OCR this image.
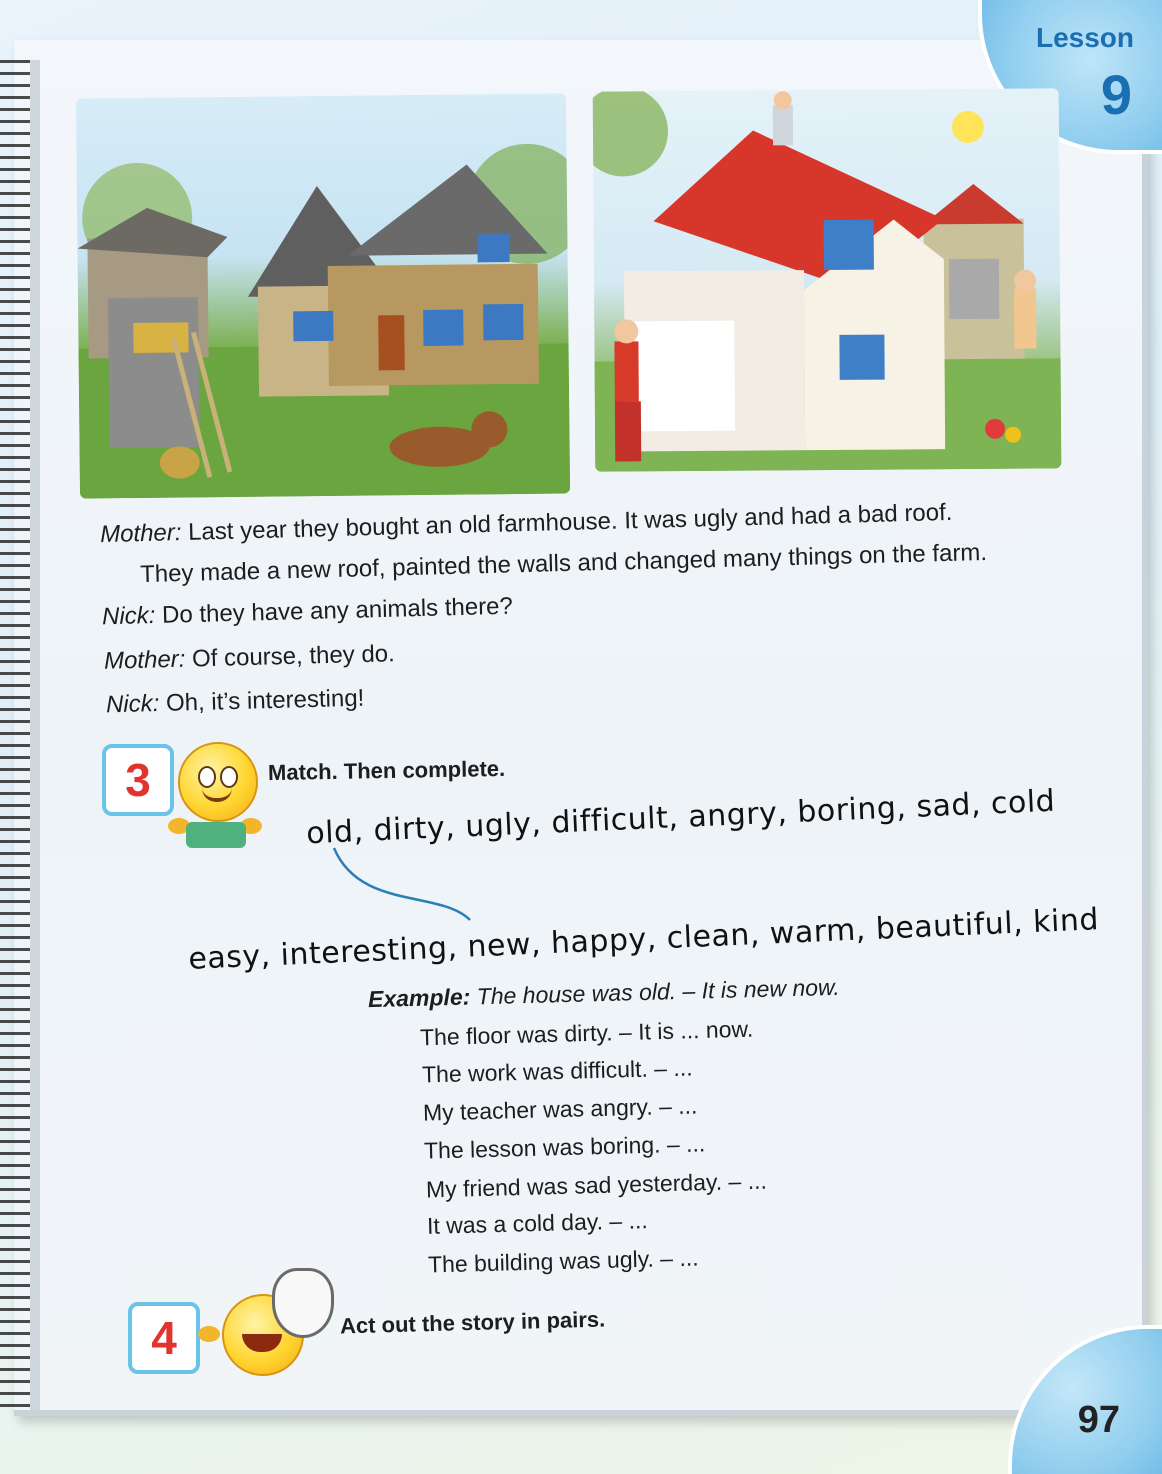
Lesson
9
Mother: Last year they bought an old farmhouse. It was ugly and had a bad roof.
They made a new roof, painted the walls and changed many things on the farm.
Nick: Do they have any animals there?
Mother: Of course, they do.
Nick: Oh, it’s interesting!
3	Match. Then complete.
old, dirty, ugly, difficult, angry, boring, sad, cold
easy, interesting, new, happy, clean, warm, beautiful, kind
Example: The house was old. – It is new now.
The floor was dirty. – It is ... now.
The work was difficult. – ...
My teacher was angry. – ...
The lesson was boring. – ...
My friend was sad yesterday. – ...
It was a cold day. – ...
The building was ugly. – ...
4	Act out the story in pairs.
97
